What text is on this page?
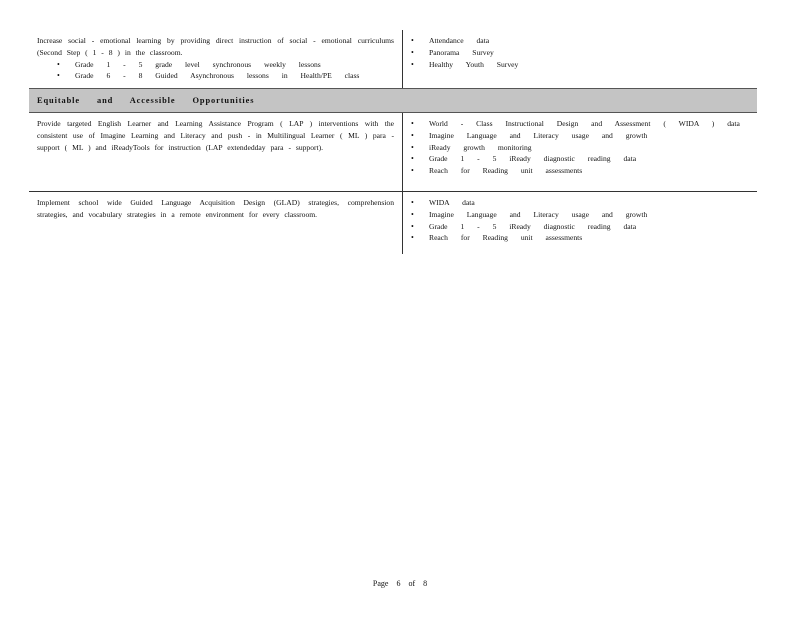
Increase social - emotional learning by providing direct instruction of social - emotional curriculums (Second Step ( 1 - 8 ) in the classroom.

• Grade 1 - 5 grade level synchronous weekly lessons
• Grade 6 - 8 Guided Asynchronous lessons in Health/PE class
• Attendance data
• Panorama Survey
• Healthy Youth Survey
Equitable and Accessible Opportunities

Provide targeted English Learner and Learning Assistance Program ( LAP ) interventions with the consistent use of Imagine Learning and Literacy and push - in Multilingual Learner ( ML ) para - support ( ML ) and iReadyTools for instruction (LAP extendedday para - support).

• World - Class Instructional Design and Assessment ( WIDA ) data
• Imagine Language and Literacy usage and growth
• iReady growth monitoring
• Grade 1 - 5 iReady diagnostic reading data
• Reach for Reading unit assessments

Implement school wide Guided Language Acquisition Design (GLAD) strategies, comprehension strategies, and vocabulary strategies in a remote environment for every classroom.

• WIDA data
• Imagine Language and Literacy usage and growth
• Grade 1 - 5 iReady diagnostic reading data
• Reach for Reading unit assessments
Page 6 of 8
